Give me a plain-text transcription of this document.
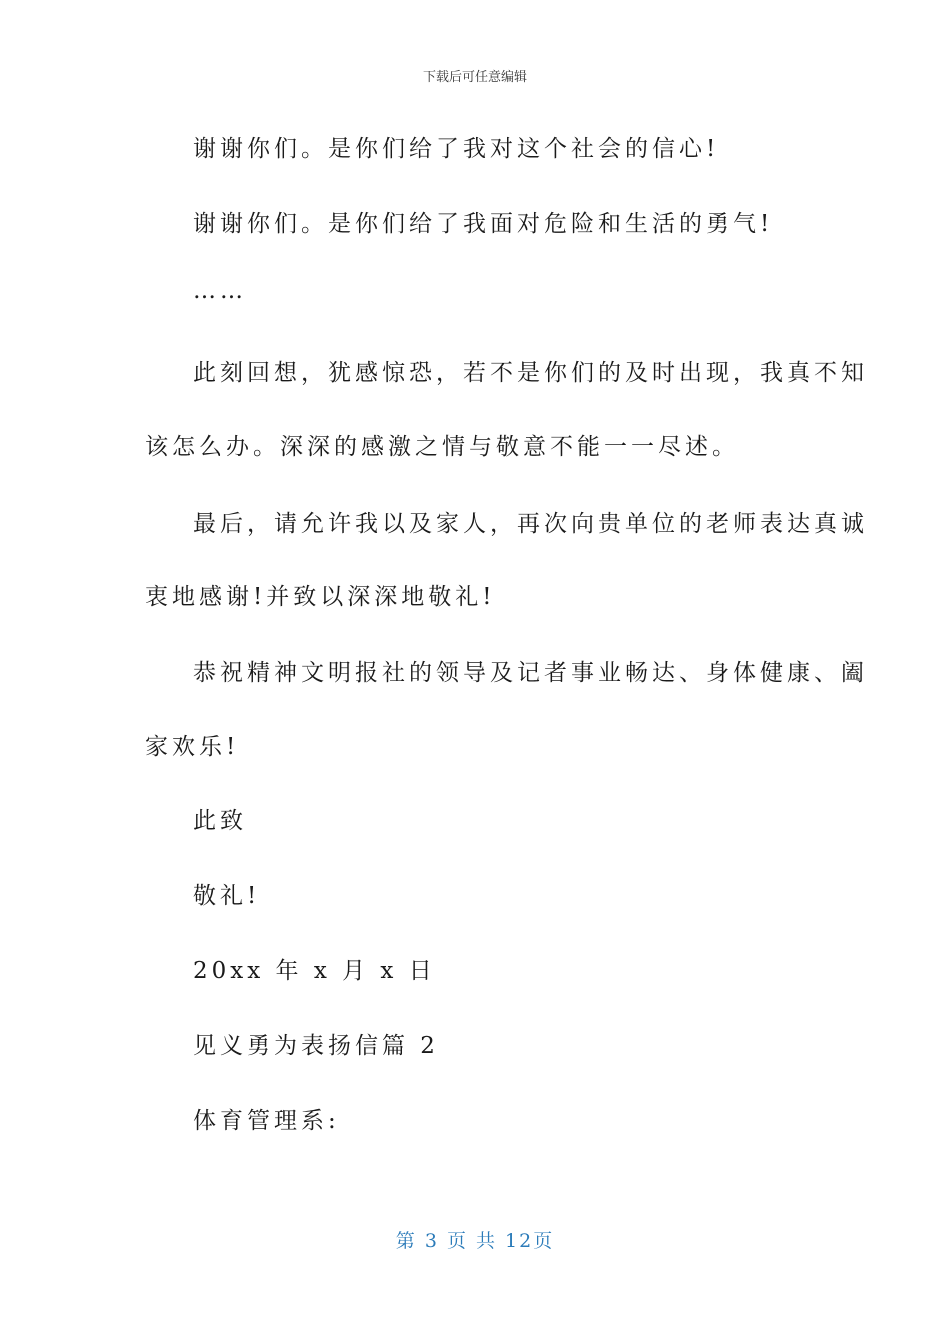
下载后可任意编辑
谢谢你们。是你们给了我对这个社会的信心!
谢谢你们。是你们给了我面对危险和生活的勇气!
……
此刻回想，犹感惊恐，若不是你们的及时出现，我真不知
该怎么办。深深的感激之情与敬意不能一一尽述。
最后，请允许我以及家人，再次向贵单位的老师表达真诚
衷地感谢!并致以深深地敬礼!
恭祝精神文明报社的领导及记者事业畅达、身体健康、阖
家欢乐!
此致
敬礼!
20xx 年 x 月 x 日
见义勇为表扬信篇 2
体育管理系:
第 3 页 共 12页
